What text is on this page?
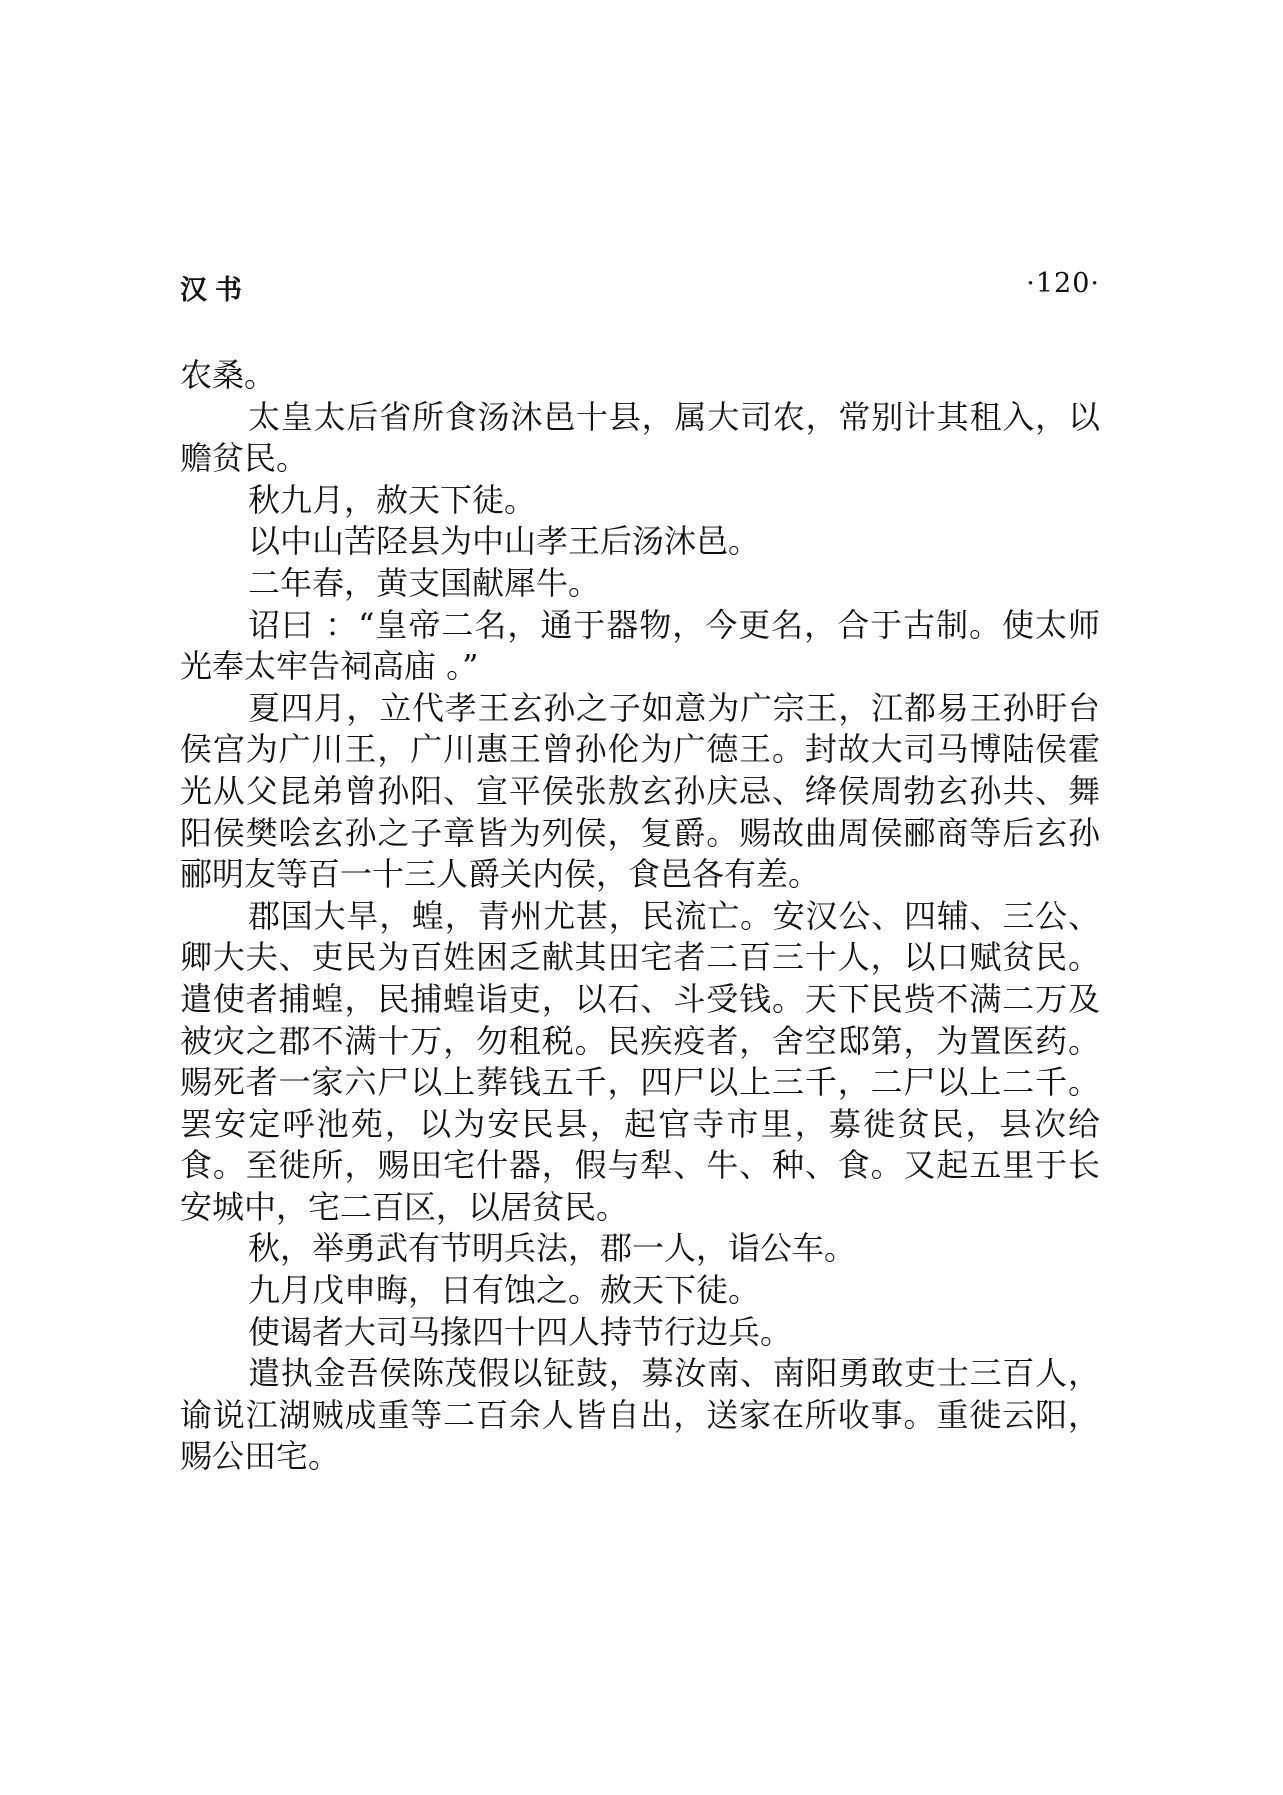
汉书	·120·

农桑。

太皇太后省所食汤沐邑十县，属大司农，常别计其租入，以赡贫民。

秋九月，赦天下徒。

以中山苦陉县为中山孝王后汤沐邑。

二年春，黄支国献犀牛。

诏曰 ：“皇帝二名，通于器物，今更名，合于古制。使太师光奉太牢告祠高庙 。”

夏四月，立代孝王玄孙之子如意为广宗王，江都易王孙盱台侯宫为广川王，广川惠王曾孙伦为广德王。封故大司马博陆侯霍光从父昆弟曾孙阳、宣平侯张敖玄孙庆忌、绛侯周勃玄孙共、舞阳侯樊哙玄孙之子章皆为列侯，复爵。赐故曲周侯郦商等后玄孙郦明友等百一十三人爵关内侯，食邑各有差。

郡国大旱，蝗，青州尤甚，民流亡。安汉公、四辅、三公、卿大夫、吏民为百姓困乏献其田宅者二百三十人，以口赋贫民。遣使者捕蝗，民捕蝗诣吏，以石、斗受钱。天下民赀不满二万及被灾之郡不满十万，勿租税。民疾疫者，舍空邸第，为置医药。赐死者一家六尸以上葬钱五千，四尸以上三千，二尸以上二千。罢安定呼池苑，以为安民县，起官寺市里，募徙贫民，县次给食。至徙所，赐田宅什器，假与犁、牛、种、食。又起五里于长安城中，宅二百区，以居贫民。

秋，举勇武有节明兵法，郡一人，诣公车。

九月戊申晦，日有蚀之。赦天下徒。

使谒者大司马掾四十四人持节行边兵。

遣执金吾侯陈茂假以钲鼓，募汝南、南阳勇敢吏士三百人，谕说江湖贼成重等二百余人皆自出，送家在所收事。重徙云阳，赐公田宅。
